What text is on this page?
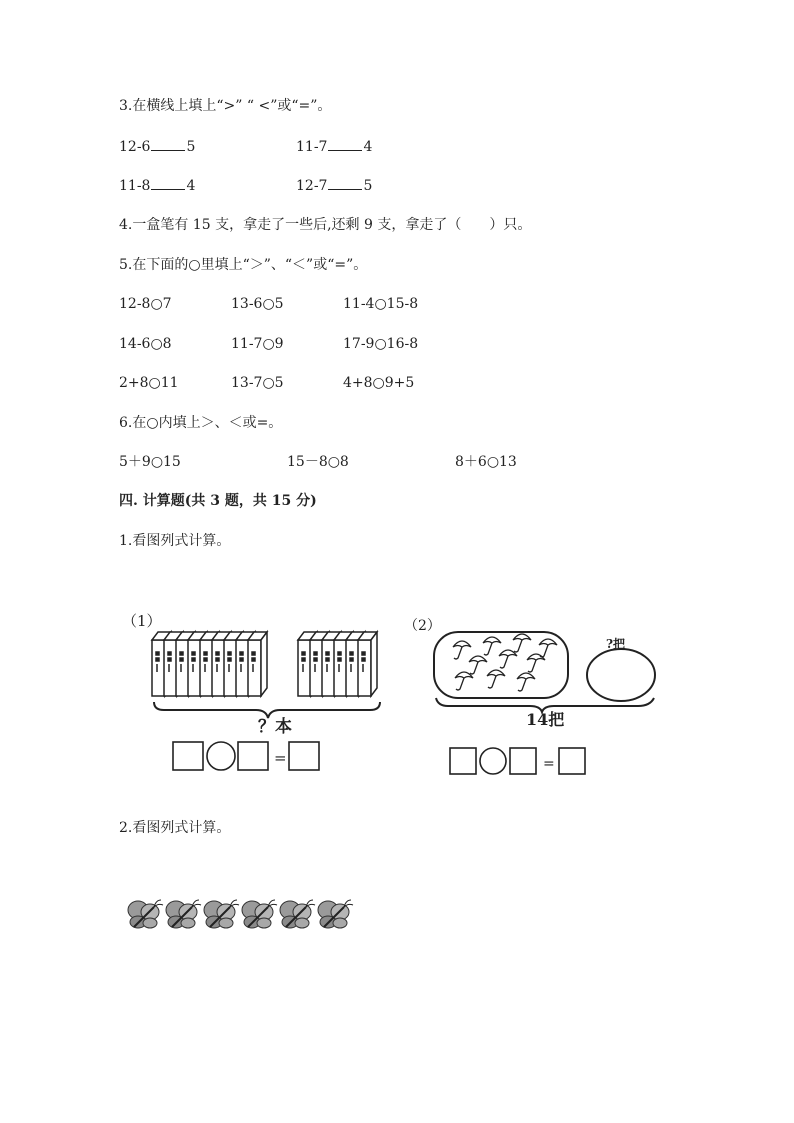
3.在横线上填上“>” “ <”或“=”。
12-6	5	11-7	4
11-8	4	12-7	5
4.一盒笔有 15 支，拿走了一些后,还剩 9 支，拿走了（　　）只。
5.在下面的○里填上“＞”、“＜”或“=”。
12-8○7	13-6○5	11-4○15-8
14-6○8	11-7○9	17-9○16-8
2+8○11	13-7○5	4+8○9+5
6.在○内填上＞、＜或=。
5＋9○15	15－8○8	8＋6○13
四. 计算题(共 3 题，共 15 分)
1.看图列式计算。
（1）
？本
=
（2）
?把
14把
=
2.看图列式计算。
